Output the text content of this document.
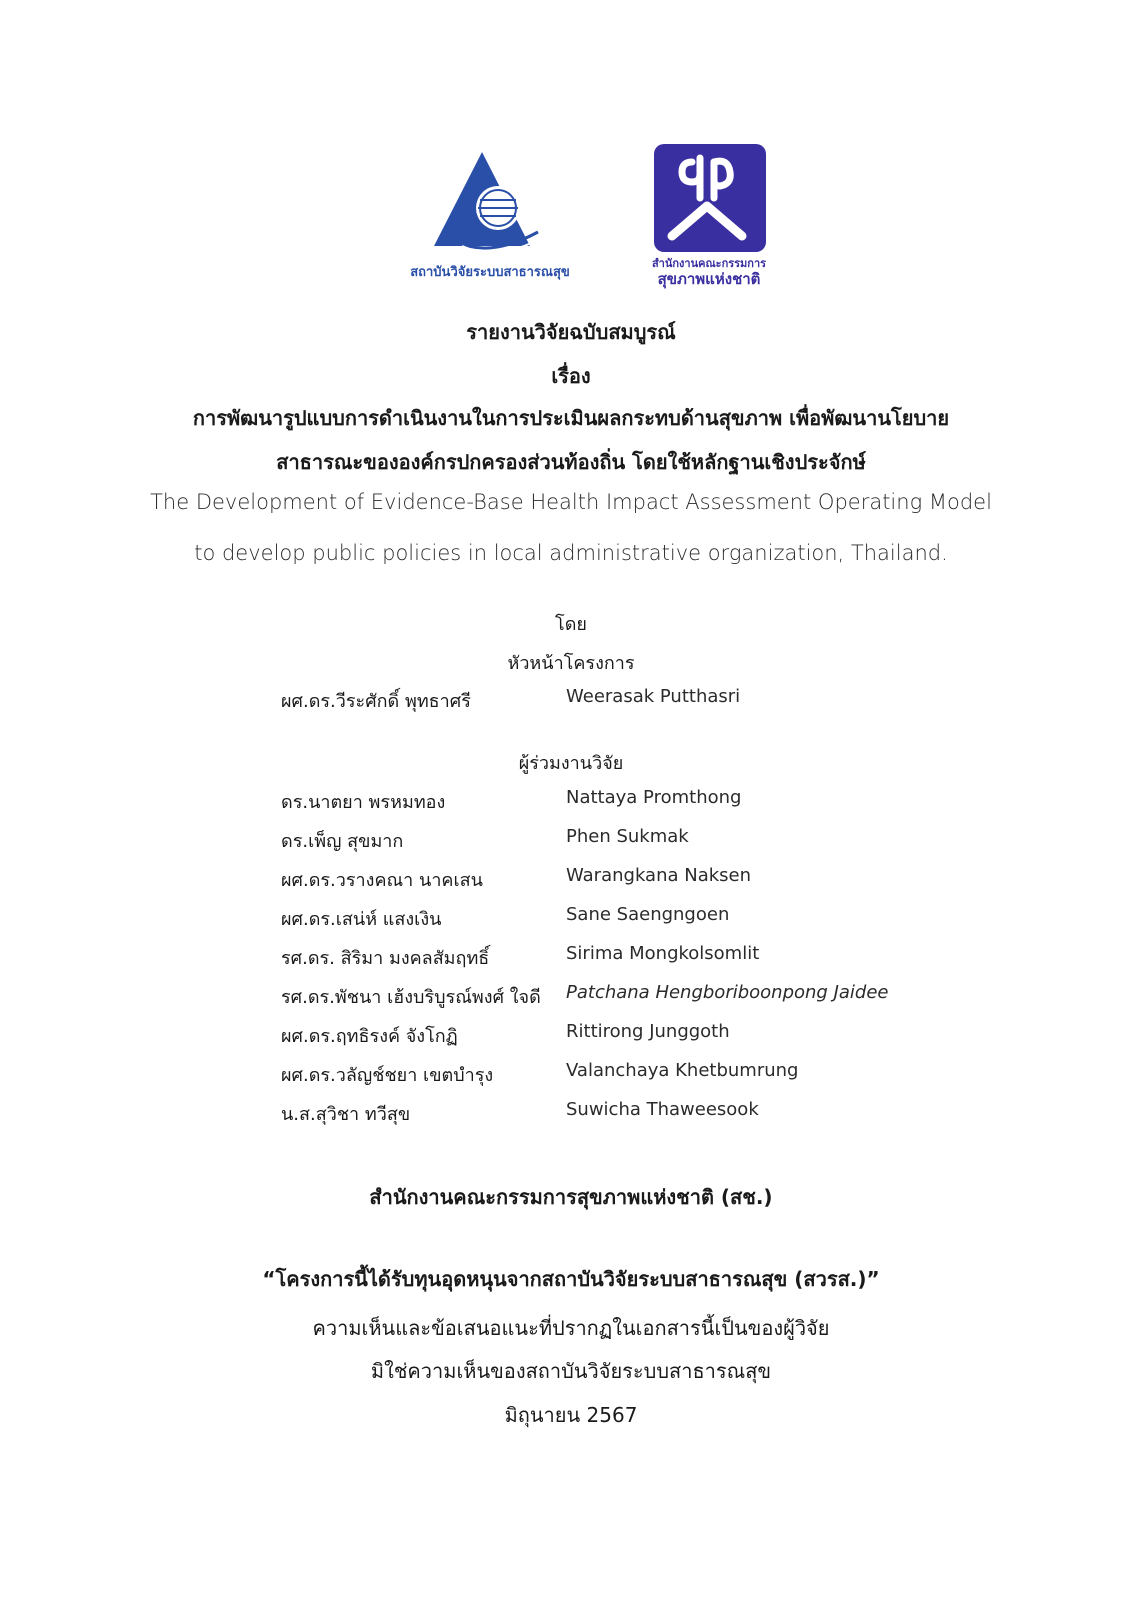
สถาบันวิจัยระบบสาธารณสุข
สำนักงานคณะกรรมการ
สุขภาพแห่งชาติ
รายงานวิจัยฉบับสมบูรณ์
เรื่อง
การพัฒนารูปแบบการดำเนินงานในการประเมินผลกระทบด้านสุขภาพ เพื่อพัฒนานโยบาย
สาธารณะขององค์กรปกครองส่วนท้องถิ่น โดยใช้หลักฐานเชิงประจักษ์
The Development of Evidence-Base Health Impact Assessment Operating Model
to develop public policies in local administrative organization, Thailand.
โดย
หัวหน้าโครงการ
ผศ.ดร.วีระศักดิ์ พุทธาศรี	Weerasak Putthasri
ผู้ร่วมงานวิจัย
ดร.นาตยา พรหมทอง	Nattaya Promthong
ดร.เพ็ญ สุขมาก	Phen Sukmak
ผศ.ดร.วรางคณา นาคเสน	Warangkana Naksen
ผศ.ดร.เสน่ห์ แสงเงิน	Sane Saengngoen
รศ.ดร. สิริมา มงคลสัมฤทธิ์	Sirima Mongkolsomlit
รศ.ดร.พัชนา เฮ้งบริบูรณ์พงศ์ ใจดี Patchana Hengboriboonpong Jaidee
ผศ.ดร.ฤทธิรงค์ จังโกฏิ	Rittirong Junggoth
ผศ.ดร.วลัญช์ชยา เขตบำรุง	Valanchaya Khetbumrung
น.ส.สุวิชา ทวีสุข	Suwicha Thaweesook
สำนักงานคณะกรรมการสุขภาพแห่งชาติ (สช.)
“โครงการนี้ได้รับทุนอุดหนุนจากสถาบันวิจัยระบบสาธารณสุข (สวรส.)”
ความเห็นและข้อเสนอแนะที่ปรากฏในเอกสารนี้เป็นของผู้วิจัย
มิใช่ความเห็นของสถาบันวิจัยระบบสาธารณสุข
มิถุนายน 2567
